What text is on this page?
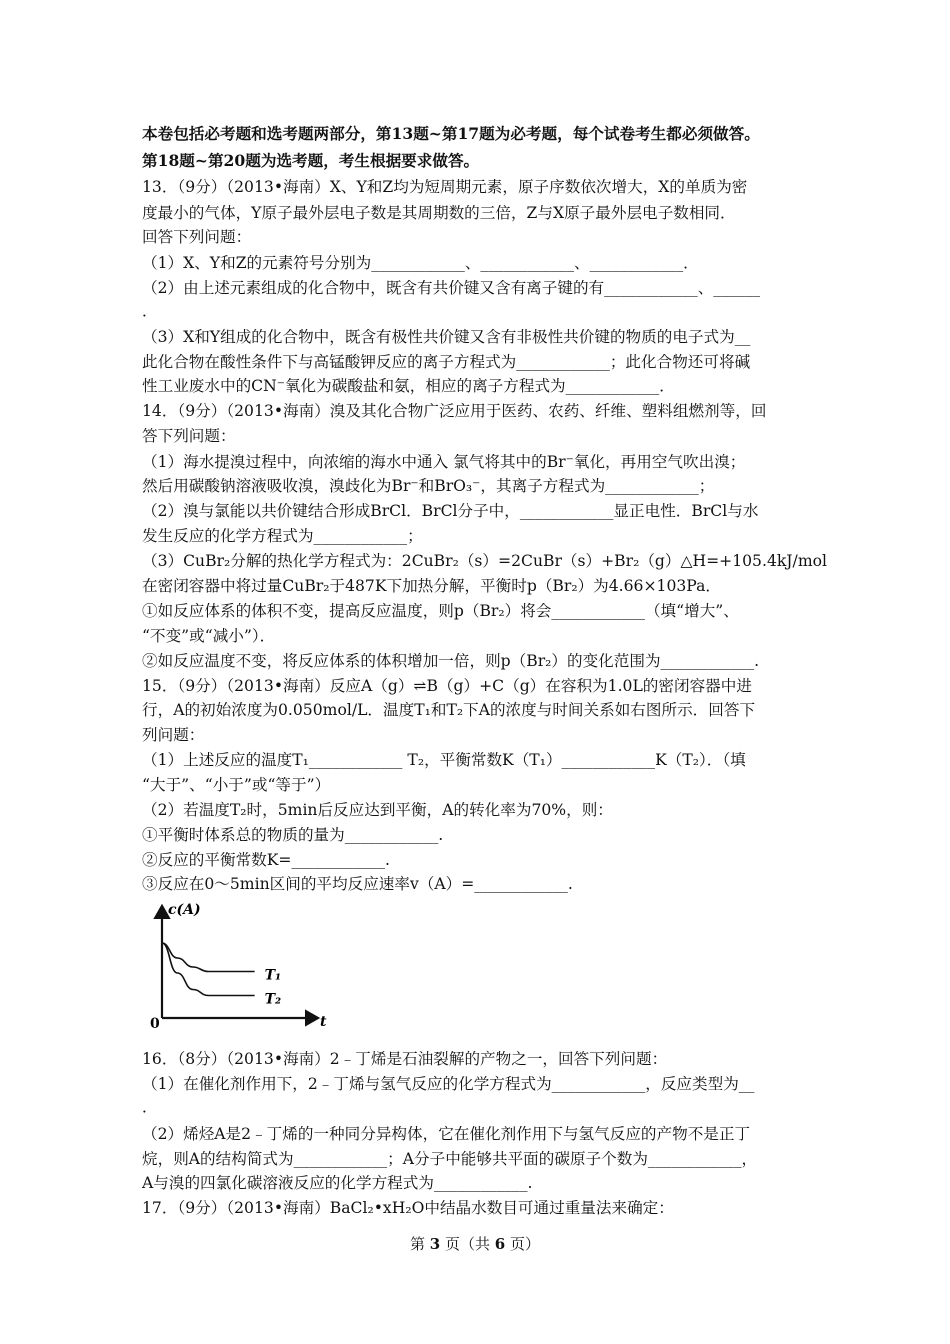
本卷包括必考题和选考题两部分，第13题~第17题为必考题，每个试卷考生都必须做答。
第18题~第20题为选考题，考生根据要求做答。
13．（9分）（2013•海南）X、Y和Z均为短周期元素，原子序数依次增大，X的单质为密
度最小的气体，Y原子最外层电子数是其周期数的三倍，Z与X原子最外层电子数相同．
回答下列问题：
（1）X、Y和Z的元素符号分别为____________、____________、____________．
（2）由上述元素组成的化合物中，既含有共价键又含有离子键的有____________、______
．
（3）X和Y组成的化合物中，既含有极性共价键又含有非极性共价键的物质的电子式为__
此化合物在酸性条件下与高锰酸钾反应的离子方程式为____________；此化合物还可将碱
性工业废水中的CN⁻氧化为碳酸盐和氨，相应的离子方程式为____________．
14．（9分）（2013•海南）溴及其化合物广泛应用于医药、农药、纤维、塑料组燃剂等，回
答下列问题：
（1）海水提溴过程中，向浓缩的海水中通入 氯气将其中的Br⁻氧化，再用空气吹出溴；
然后用碳酸钠溶液吸收溴，溴歧化为Br⁻和BrO₃⁻，其离子方程式为____________；
（2）溴与氯能以共价键结合形成BrCl．BrCl分子中，____________显正电性．BrCl与水
发生反应的化学方程式为____________；
（3）CuBr₂分解的热化学方程式为：2CuBr₂（s）=2CuBr（s）+Br₂（g）△H=+105.4kJ/mol
在密闭容器中将过量CuBr₂于487K下加热分解，平衡时p（Br₂）为4.66×103Pa．
①如反应体系的体积不变，提高反应温度，则p（Br₂）将会____________（填“增大”、
“不变”或“减小”）．
②如反应温度不变，将反应体系的体积增加一倍，则p（Br₂）的变化范围为____________.
15．（9分）（2013•海南）反应A（g）⇌B（g）+C（g）在容积为1.0L的密闭容器中进
行，A的初始浓度为0.050mol/L．温度T₁和T₂下A的浓度与时间关系如右图所示．回答下
列问题：
（1）上述反应的温度T₁____________ T₂，平衡常数K（T₁）____________K（T₂）．（填
“大于”、“小于”或“等于”）
（2）若温度T₂时，5min后反应达到平衡，A的转化率为70%，则：
①平衡时体系总的物质的量为____________.
②反应的平衡常数K=____________.
③反应在0～5min区间的平均反应速率v（A）=____________.
c(A)
t
0
T₁
T₂
16．（8分）（2013•海南）2﹣丁烯是石油裂解的产物之一，回答下列问题：
（1）在催化剂作用下，2﹣丁烯与氢气反应的化学方程式为____________，反应类型为__
．
（2）烯烃A是2﹣丁烯的一种同分异构体，它在催化剂作用下与氢气反应的产物不是正丁
烷，则A的结构简式为____________；A分子中能够共平面的碳原子个数为____________，
A与溴的四氯化碳溶液反应的化学方程式为____________.
17．（9分）（2013•海南）BaCl₂•xH₂O中结晶水数目可通过重量法来确定：
第 3 页（共 6 页）
